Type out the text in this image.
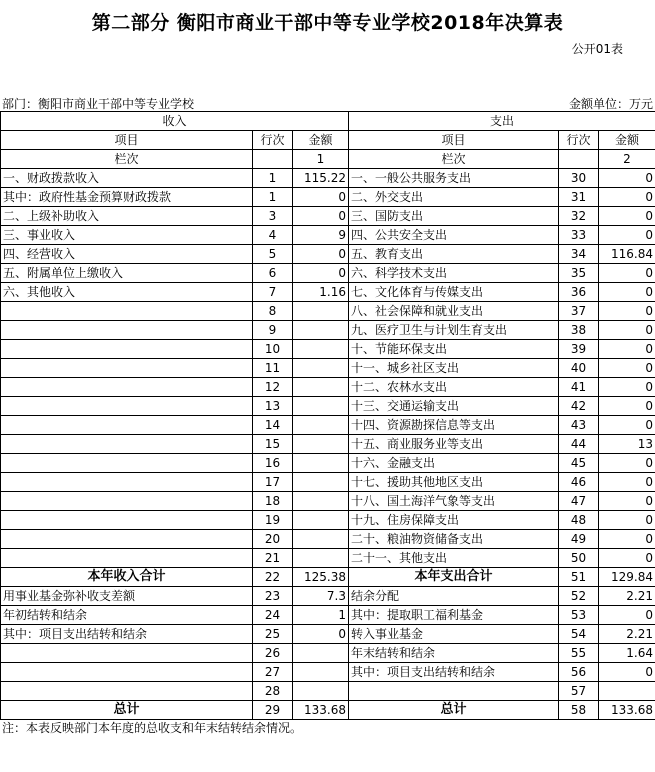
第二部分 衡阳市商业干部中等专业学校2018年决算表
公开01表
部门：衡阳市商业干部中等专业学校	金额单位：万元
收入			支出		
项目	行次	金额	项目	行次	金额
栏次		1	栏次		2
一、财政拨款收入	1	115.22	一、一般公共服务支出	30	0
其中：政府性基金预算财政拨款	1	0	二、外交支出	31	0
二、上级补助收入	3	0	三、国防支出	32	0
三、事业收入	4	9	四、公共安全支出	33	0
四、经营收入	5	0	五、教育支出	34	116.84
五、附属单位上缴收入	6	0	六、科学技术支出	35	0
六、其他收入	7	1.16	七、文化体育与传媒支出	36	0
	8		八、社会保障和就业支出	37	0
	9		九、医疗卫生与计划生育支出	38	0
	10		十、节能环保支出	39	0
	11		十一、城乡社区支出	40	0
	12		十二、农林水支出	41	0
	13		十三、交通运输支出	42	0
	14		十四、资源勘探信息等支出	43	0
	15		十五、商业服务业等支出	44	13
	16		十六、金融支出	45	0
	17		十七、援助其他地区支出	46	0
	18		十八、国土海洋气象等支出	47	0
	19		十九、住房保障支出	48	0
	20		二十、粮油物资储备支出	49	0
	21		二十一、其他支出	50	0
本年收入合计	22	125.38	本年支出合计	51	129.84
用事业基金弥补收支差额	23	7.3	结余分配	52	2.21
年初结转和结余	24	1	其中：提取职工福利基金	53	0
其中：项目支出结转和结余	25	0	转入事业基金	54	2.21
	26		年末结转和结余	55	1.64
	27		其中：项目支出结转和结余	56	0
	28			57	
总计	29	133.68	总计	58	133.68
注：本表反映部门本年度的总收支和年末结转结余情况。
